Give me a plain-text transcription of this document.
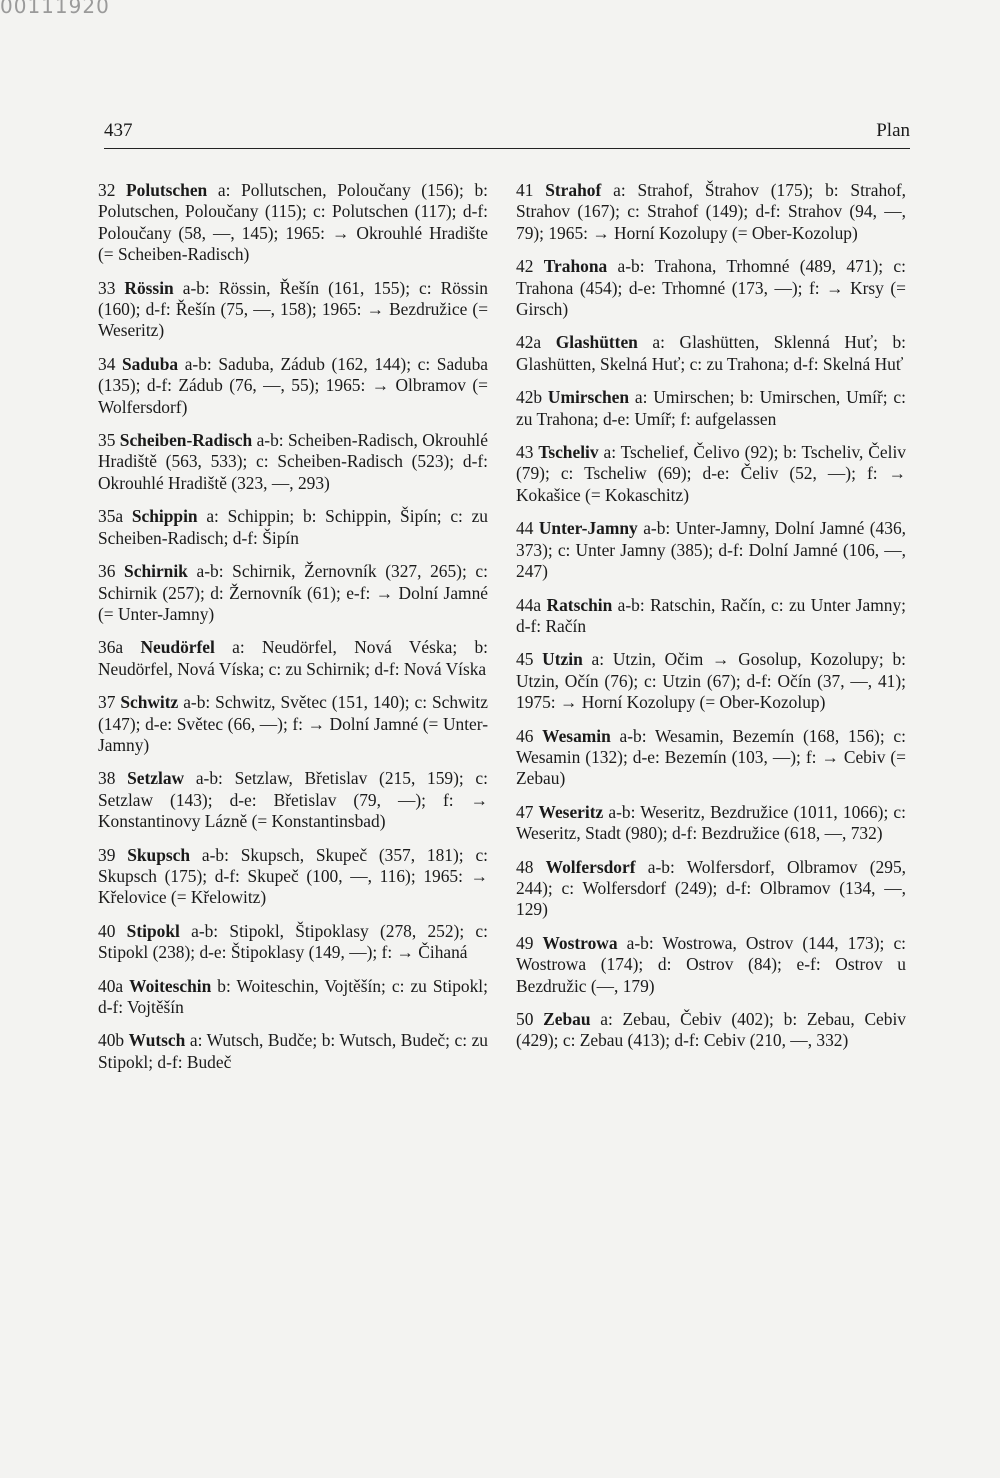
00111920
437	Plan

32 Polutschen a: Pollutschen, Poloučany (156); b: Polutschen, Poloučany (115); c: Polutschen (117); d-f: Poloučany (58, —, 145); 1965: → Okrouhlé Hradište (= Scheiben-Radisch)

33 Rössin a-b: Rössin, Řešín (161, 155); c: Rössin (160); d-f: Řešín (75, —, 158); 1965: → Bezdružice (= Weseritz)

34 Saduba a-b: Saduba, Zádub (162, 144); c: Saduba (135); d-f: Zádub (76, —, 55); 1965: → Olbramov (= Wolfersdorf)

35 Scheiben-Radisch a-b: Scheiben-Radisch, Okrouhlé Hradiště (563, 533); c: Scheiben-Radisch (523); d-f: Okrouhlé Hradiště (323, —, 293)

35a Schippin a: Schippin; b: Schippin, Šipín; c: zu Scheiben-Radisch; d-f: Šipín

36 Schirnik a-b: Schirnik, Žernovník (327, 265); c: Schirnik (257); d: Žernovník (61); e-f: → Dolní Jamné (= Unter-Jamny)

36a Neudörfel a: Neudörfel, Nová Véska; b: Neudörfel, Nová Víska; c: zu Schirnik; d-f: Nová Víska

37 Schwitz a-b: Schwitz, Světec (151, 140); c: Schwitz (147); d-e: Světec (66, —); f: → Dolní Jamné (= Unter-Jamny)

38 Setzlaw a-b: Setzlaw, Břetislav (215, 159); c: Setzlaw (143); d-e: Břetislav (79, —); f: → Konstantinovy Lázně (= Konstantinsbad)

39 Skupsch a-b: Skupsch, Skupeč (357, 181); c: Skupsch (175); d-f: Skupeč (100, —, 116); 1965: → Křelovice (= Křelowitz)

40 Stipokl a-b: Stipokl, Štipoklasy (278, 252); c: Stipokl (238); d-e: Štipoklasy (149, —); f: → Čihaná

40a Woiteschin b: Woiteschin, Vojtěšín; c: zu Stipokl; d-f: Vojtěšín

40b Wutsch a: Wutsch, Budče; b: Wutsch, Budeč; c: zu Stipokl; d-f: Budeč

41 Strahof a: Strahof, Štrahov (175); b: Strahof, Strahov (167); c: Strahof (149); d-f: Strahov (94, —, 79); 1965: → Horní Kozolupy (= Ober-Kozolup)

42 Trahona a-b: Trahona, Trhomné (489, 471); c: Trahona (454); d-e: Trhomné (173, —); f: → Krsy (= Girsch)

42a Glashütten a: Glashütten, Sklenná Huť; b: Glashütten, Skelná Huť; c: zu Trahona; d-f: Skelná Huť

42b Umirschen a: Umirschen; b: Umirschen, Umíř; c: zu Trahona; d-e: Umíř; f: aufgelassen

43 Tscheliv a: Tschelief, Čelivo (92); b: Tscheliv, Čeliv (79); c: Tscheliw (69); d-e: Čeliv (52, —); f: → Kokašice (= Kokaschitz)

44 Unter-Jamny a-b: Unter-Jamny, Dolní Jamné (436, 373); c: Unter Jamny (385); d-f: Dolní Jamné (106, —, 247)

44a Ratschin a-b: Ratschin, Račín, c: zu Unter Jamny; d-f: Račín

45 Utzin a: Utzin, Očim → Gosolup, Kozolupy; b: Utzin, Očín (76); c: Utzin (67); d-f: Očín (37, —, 41); 1975: → Horní Kozolupy (= Ober-Kozolup)

46 Wesamin a-b: Wesamin, Bezemín (168, 156); c: Wesamin (132); d-e: Bezemín (103, —); f: → Cebiv (= Zebau)

47 Weseritz a-b: Weseritz, Bezdružice (1011, 1066); c: Weseritz, Stadt (980); d-f: Bezdružice (618, —, 732)

48 Wolfersdorf a-b: Wolfersdorf, Olbramov (295, 244); c: Wolfersdorf (249); d-f: Olbramov (134, —, 129)

49 Wostrowa a-b: Wostrowa, Ostrov (144, 173); c: Wostrowa (174); d: Ostrov (84); e-f: Ostrov u Bezdružic (—, 179)

50 Zebau a: Zebau, Čebiv (402); b: Zebau, Cebiv (429); c: Zebau (413); d-f: Cebiv (210, —, 332)
